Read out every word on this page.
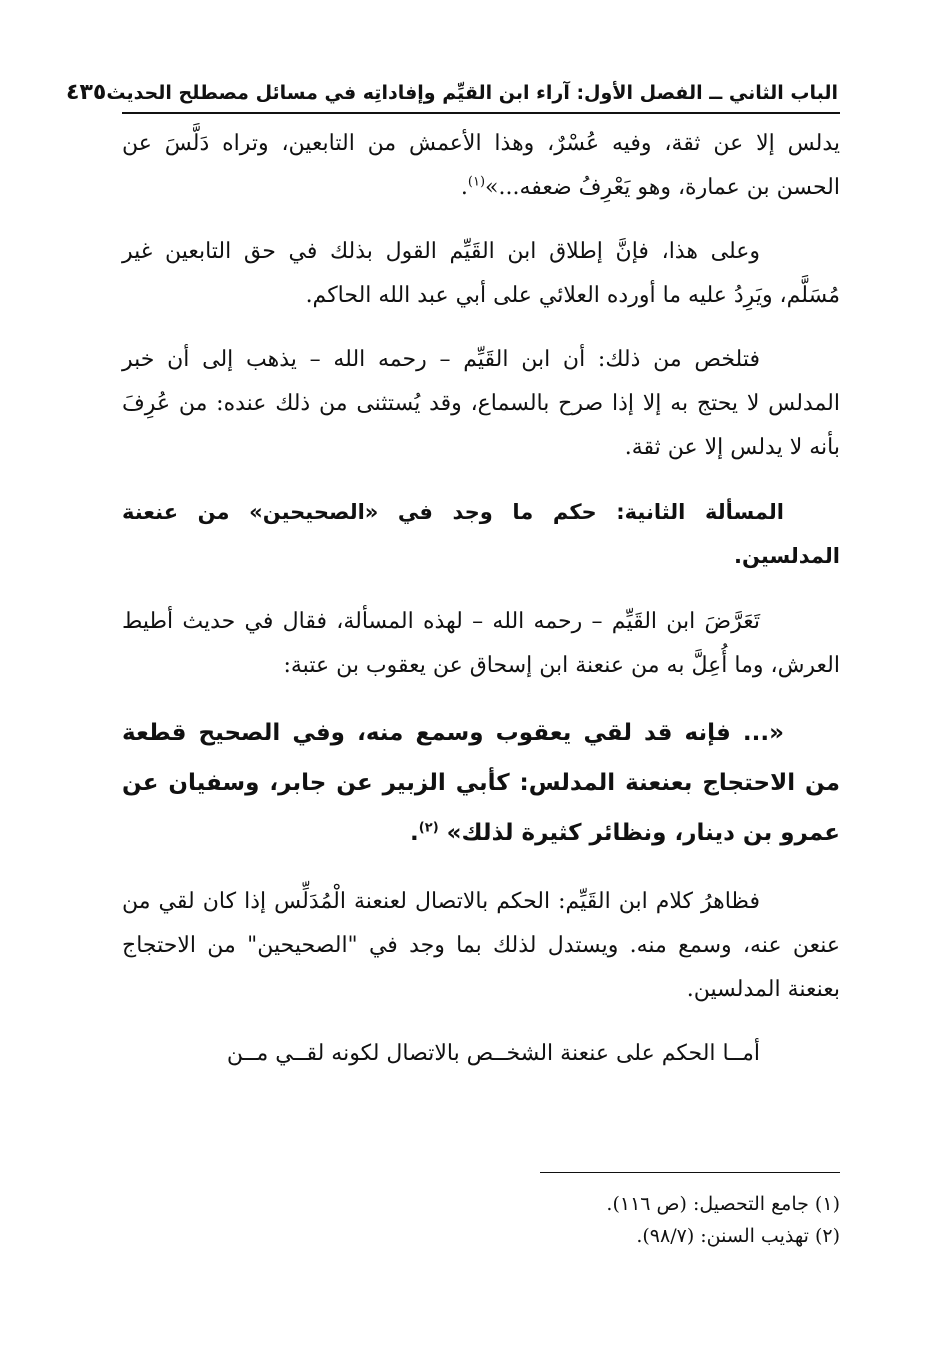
الباب الثاني ــ الفصل الأول: آراء ابن القيِّم وإفاداتِه في مسائل مصطلح الحديث
٤٣٥

يدلس إلا عن ثقة، وفيه عُسْرٌ، وهذا الأعمش من التابعين، وتراه دَلَّسَ عن الحسن بن عمارة، وهو يَعْرِفُ ضعفه...»$^{(١)}$.

وعلى هذا، فإنَّ إطلاق ابن القَيِّم القول بذلك في حق التابعين غير مُسَلَّم، ويَرِدُ عليه ما أورده العلائي على أبي عبد الله الحاكم.

فتلخص من ذلك: أن ابن القَيِّم – رحمه الله – يذهب إلى أن خبر المدلس لا يحتج به إلا إذا صرح بالسماع، وقد يُستثنى من ذلك عنده: من عُرِفَ بأنه لا يدلس إلا عن ثقة.

المسألة الثانية: حكم ما وجد في «الصحيحين» من عنعنة المدلسين.

تَعَرَّضَ ابن القَيِّم – رحمه الله – لهذه المسألة، فقال في حديث أطيط العرش، وما أُعِلَّ به من عنعنة ابن إسحاق عن يعقوب بن عتبة:

«... فإنه قد لقي يعقوب وسمع منه، وفي الصحيح قطعة من الاحتجاج بعنعنة المدلس: كأبي الزبير عن جابر، وسفيان عن عمرو بن دينار، ونظائر كثيرة لذلك» $^{(٢)}$.

فظاهرُ كلام ابن القَيِّم: الحكم بالاتصال لعنعنة الْمُدَلِّس إذا كان لقي من عنعن عنه، وسمع منه. ويستدل لذلك بما وجد في "الصحيحين" من الاحتجاج بعنعنة المدلسين.

أمــا الحكم على عنعنة الشخــص بالاتصال لكونه لقــي مــن

(١) جامع التحصيل: (ص ١١٦).
(٢) تهذيب السنن: (٩٨/٧).
